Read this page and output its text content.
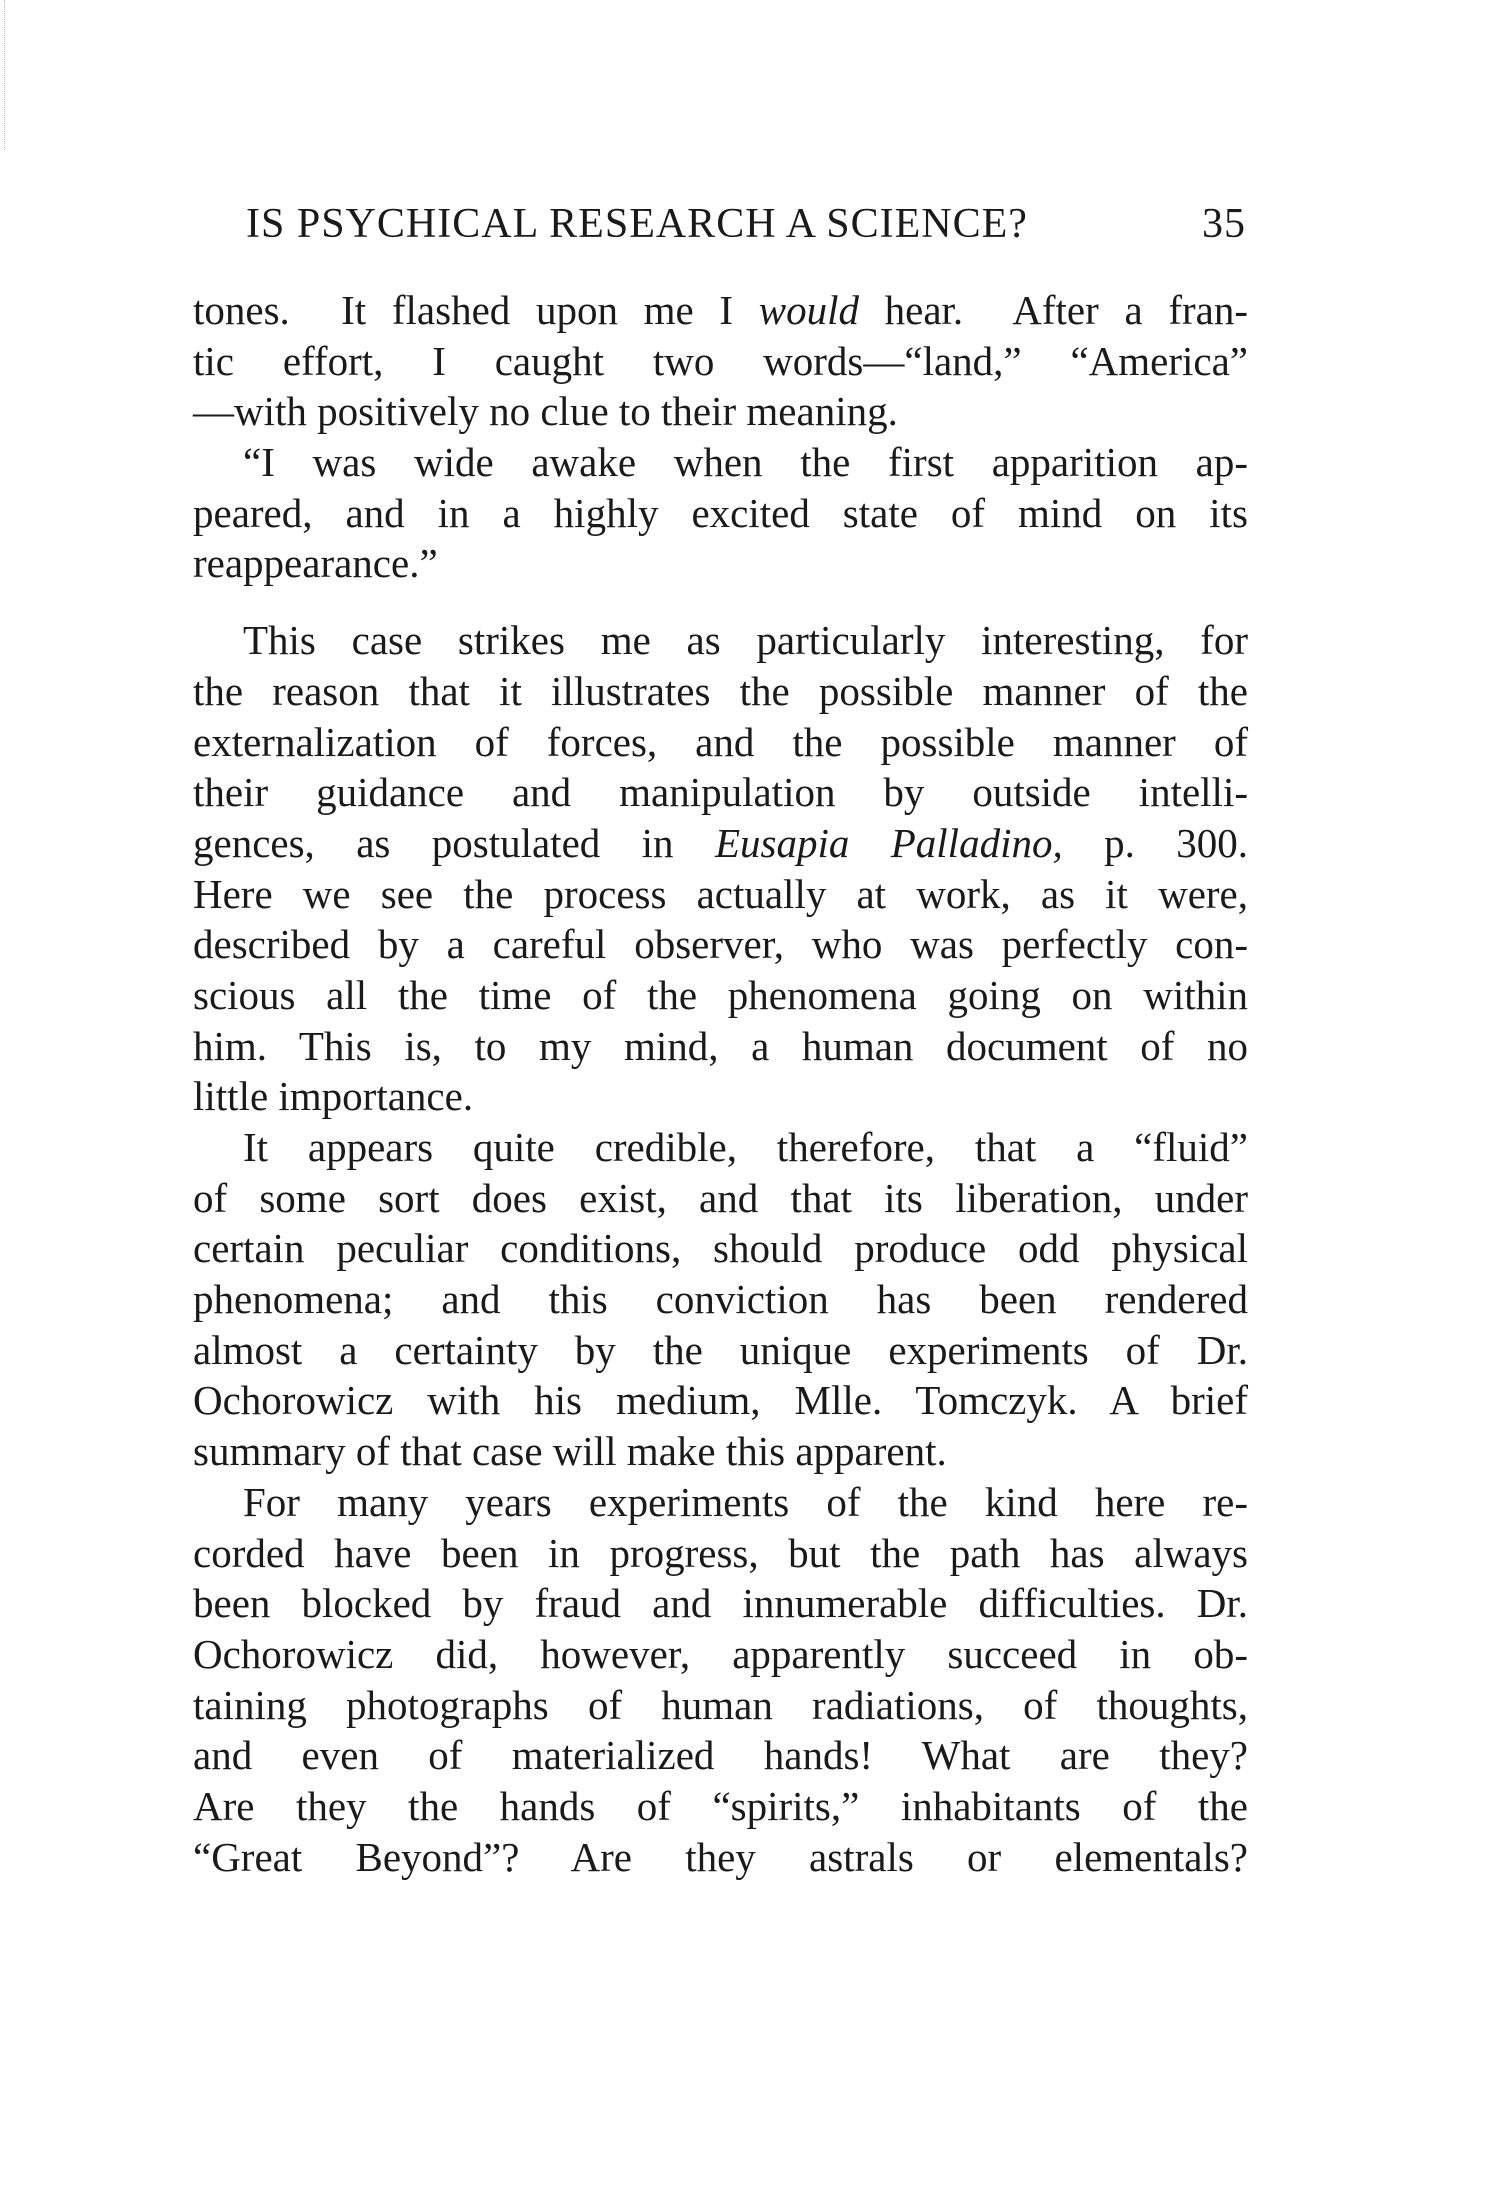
IS PSYCHICAL RESEARCH A SCIENCE?	35
tones.  It flashed upon me I would hear.  After a fran-
tic effort, I caught two words—“land,” “America”
—with positively no clue to their meaning.
“I was wide awake when the first apparition ap-
peared, and in a highly excited state of mind on its
reappearance.”
This case strikes me as particularly interesting, for
the reason that it illustrates the possible manner of the
externalization of forces, and the possible manner of
their guidance and manipulation by outside intelli-
gences, as postulated in Eusapia Palladino, p. 300.
Here we see the process actually at work, as it were,
described by a careful observer, who was perfectly con-
scious all the time of the phenomena going on within
him. This is, to my mind, a human document of no
little importance.
It appears quite credible, therefore, that a “fluid”
of some sort does exist, and that its liberation, under
certain peculiar conditions, should produce odd physical
phenomena; and this conviction has been rendered
almost a certainty by the unique experiments of Dr.
Ochorowicz with his medium, Mlle. Tomczyk. A brief
summary of that case will make this apparent.
For many years experiments of the kind here re-
corded have been in progress, but the path has always
been blocked by fraud and innumerable difficulties. Dr.
Ochorowicz did, however, apparently succeed in ob-
taining photographs of human radiations, of thoughts,
and even of materialized hands! What are they?
Are they the hands of “spirits,” inhabitants of the
“Great Beyond”? Are they astrals or elementals?
